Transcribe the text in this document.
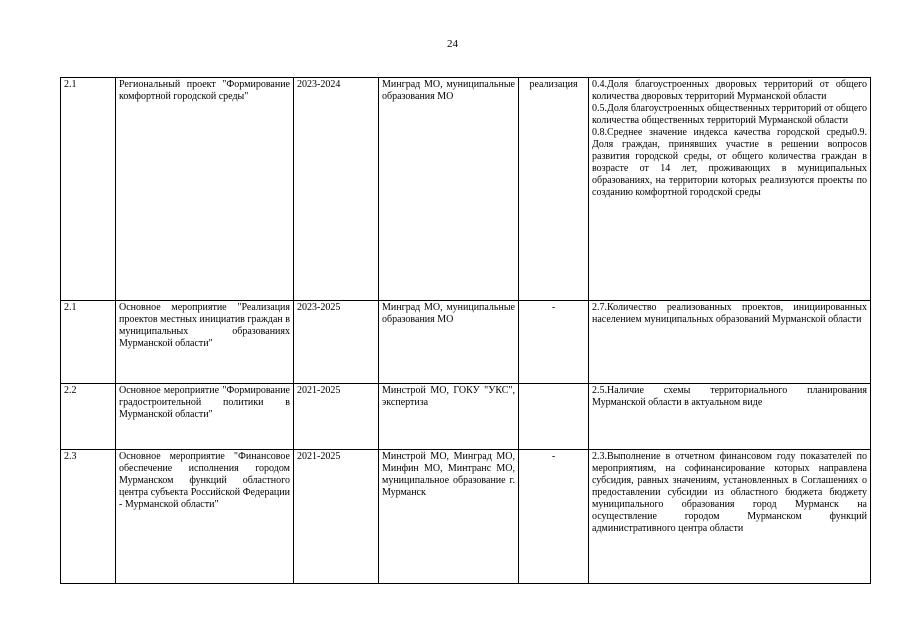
24
2.1	Региональный проект "Формирование комфортной городской среды"	2023-2024	Минград МО, муниципальные образования МО	реализация	0.4.Доля благоустроенных дворовых территорий от общего количества дворовых территорий Мурманской области
0.5.Доля благоустроенных общественных территорий от общего количества общественных территорий Мурманской области
0.8.Среднее значение индекса качества городской среды0.9. Доля граждан, принявших участие в решении вопросов развития городской среды, от общего количества граждан в возрасте от 14 лет, проживающих в муниципальных образованиях, на территории которых реализуются проекты по созданию комфортной городской среды

2.1	Основное мероприятие "Реализация проектов местных инициатив граждан в муниципальных образованиях Мурманской области"	2023-2025	Минград МО, муниципальные образования МО	-	2.7.Количество реализованных проектов, инициированных населением муниципальных образований Мурманской области

2.2	Основное мероприятие "Формирование градостроительной политики в Мурманской области"	2021-2025	Минстрой МО, ГОКУ "УКС", экспертиза		2.5.Наличие схемы территориального планирования Мурманской области в актуальном виде

2.3	Основное мероприятие "Финансовое обеспечение исполнения городом Мурманском функций областного центра субъекта Российской Федерации - Мурманской области"	2021-2025	Минстрой МО, Минград МО, Минфин МО, Минтранс МО, муниципальное образование г. Мурманск	-	2.3.Выполнение в отчетном финансовом году показателей по мероприятиям, на софинансирование которых направлена субсидия, равных значениям, установленных в Соглашениях о предоставлении субсидии из областного бюджета бюджету муниципального образования город Мурманск на осуществление городом Мурманском функций административного центра области
